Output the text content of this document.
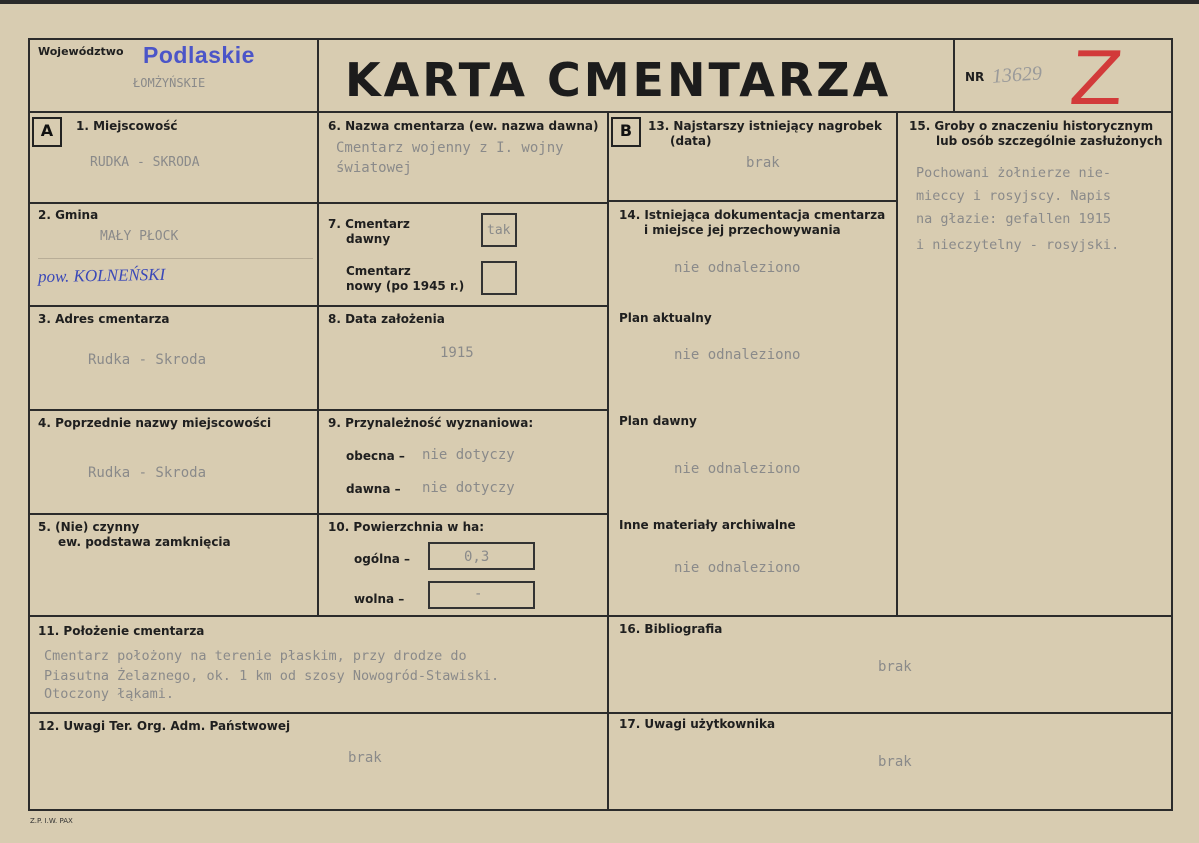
Województwo Podlaskie
ŁOMŻYŃSKIE	KARTA CMENTARZA	NR 13629 Z
A	1. Miejscowość
RUDKA - SKRODA
2. Gmina
MAŁY PŁOCK
pow. KOLNEŃSKI
3. Adres cmentarza
Rudka - Skroda
4. Poprzednie nazwy miejscowości
Rudka - Skroda
5. (Nie) czynny
ew. podstawa zamknięcia
6. Nazwa cmentarza (ew. nazwa dawna)
Cmentarz wojenny z I. wojny
światowej
7. Cmentarz
dawny
tak
Cmentarz
nowy (po 1945 r.)
8. Data założenia
1915
9. Przynależność wyznaniowa:
obecna – nie dotyczy
dawna – nie dotyczy
10. Powierzchnia w ha:
ogólna –	0,3
wolna –	-
B	13. Najstarszy istniejący nagrobek
(data)
brak
14. Istniejąca dokumentacja cmentarza
i miejsce jej przechowywania
nie odnaleziono
Plan aktualny
nie odnaleziono
Plan dawny
nie odnaleziono
Inne materiały archiwalne
nie odnaleziono
15. Groby o znaczeniu historycznym
lub osób szczególnie zasłużonych
Pochowani żołnierze nie-
mieccy i rosyjscy. Napis
na głazie: gefallen 1915
i nieczytelny - rosyjski.
11. Położenie cmentarza
Cmentarz położony na terenie płaskim, przy drodze do
Piasutna Żelaznego, ok. 1 km od szosy Nowogród-Stawiski.
Otoczony łąkami.
16. Bibliografia
brak
12. Uwagi Ter. Org. Adm. Państwowej
brak
17. Uwagi użytkownika
brak
Z.P. I.W. PAX
